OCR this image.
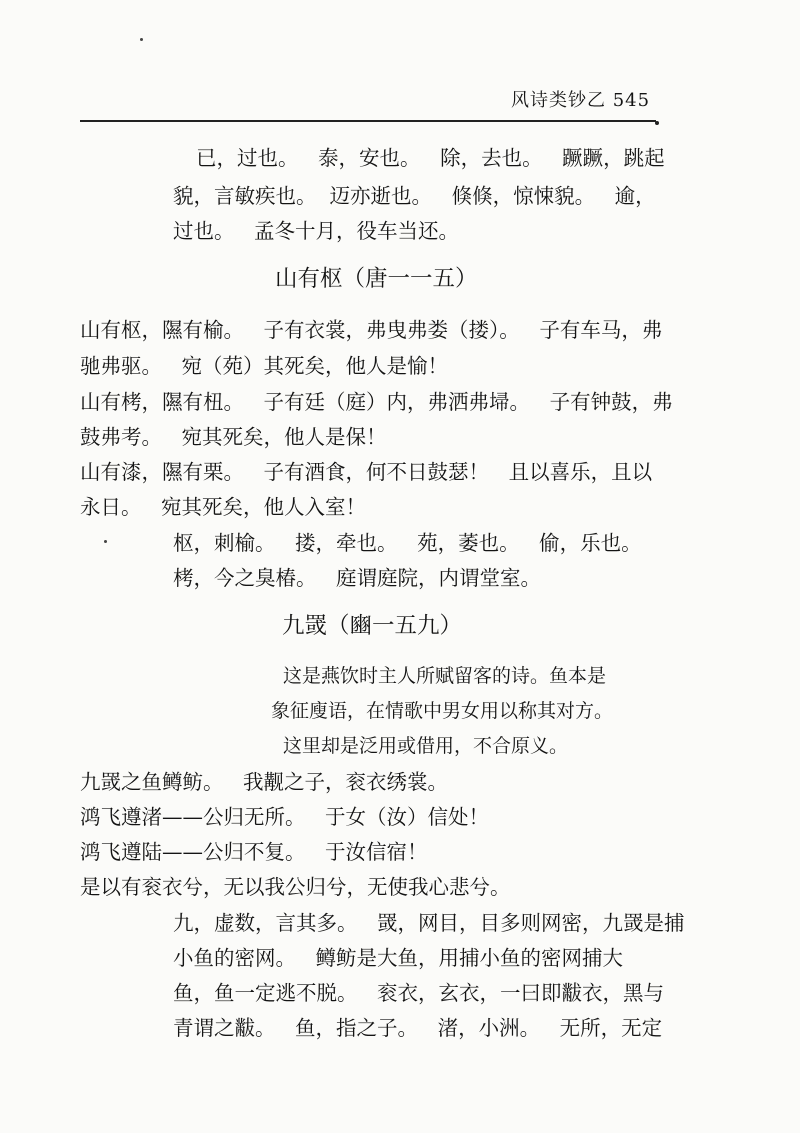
风诗类钞乙 545
已，过也。   泰，安也。   除，去也。   蹶蹶，跳起
貌，言敏疾也。  迈亦逝也。   倏倏，惊悚貌。   逾，
过也。   孟冬十月，役车当还。
山有枢（唐一一五）
山有枢，隰有榆。   子有衣裳，弗曳弗娄（搂）。   子有车马，弗
驰弗驱。   宛（苑）其死矣，他人是愉！
山有栲，隰有杻。   子有廷（庭）内，弗洒弗埽。   子有钟鼓，弗
鼓弗考。   宛其死矣，他人是保！
山有漆，隰有栗。   子有酒食，何不日鼓瑟！   且以喜乐，且以
永日。   宛其死矣，他人入室！
枢，刺榆。   搂，牵也。   苑，萎也。   偷，乐也。
栲，今之臭椿。   庭谓庭院，内谓堂室。
九罭（豳一五九）
这是燕饮时主人所赋留客的诗。鱼本是
象征廋语，在情歌中男女用以称其对方。
这里却是泛用或借用，不合原义。
九罭之鱼鳟鲂。   我觏之子，衮衣绣裳。
鸿飞遵渚——公归无所。   于女（汝）信处！
鸿飞遵陆——公归不复。   于汝信宿！
是以有衮衣兮，无以我公归兮，无使我心悲兮。
九，虚数，言其多。   罭，网目，目多则网密，九罭是捕
小鱼的密网。   鳟鲂是大鱼，用捕小鱼的密网捕大
鱼，鱼一定逃不脱。   衮衣，玄衣，一曰即黻衣，黑与
青谓之黻。   鱼，指之子。   渚，小洲。   无所，无定
